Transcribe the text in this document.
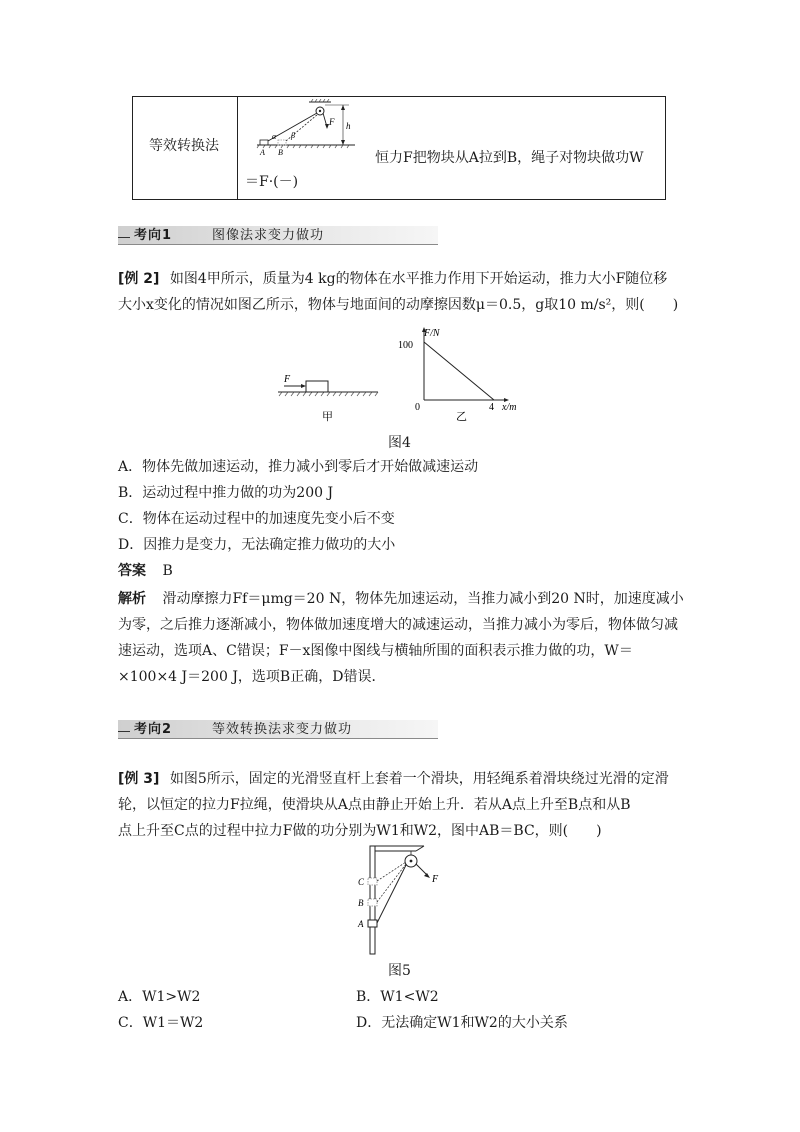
等效转换法
h
F
α β
A B	恒力F把物块从A拉到B，绳子对物块做功W
＝F·(－)
考向1	图像法求变力做功
[例 2] 如图4甲所示，质量为4 kg的物体在水平推力作用下开始运动，推力大小F随位移
大小x变化的情况如图乙所示，物体与地面间的动摩擦因数μ＝0.5，g取10 m/s²，则(　　)
F
甲
F/N
100
0	4 x/m
乙
图4
A．物体先做加速运动，推力减小到零后才开始做减速运动
B．运动过程中推力做的功为200 J
C．物体在运动过程中的加速度先变小后不变
D．因推力是变力，无法确定推力做功的大小
答案 B
解析 滑动摩擦力Ff＝μmg＝20 N，物体先加速运动，当推力减小到20 N时，加速度减小
为零，之后推力逐渐减小，物体做加速度增大的减速运动，当推力减小为零后，物体做匀减
速运动，选项A、C错误；F－x图像中图线与横轴所围的面积表示推力做的功，W＝
×100×4 J＝200 J，选项B正确，D错误．
考向2	等效转换法求变力做功
[例 3] 如图5所示，固定的光滑竖直杆上套着一个滑块，用轻绳系着滑块绕过光滑的定滑
轮，以恒定的拉力F拉绳，使滑块从A点由静止开始上升．若从A点上升至B点和从B
点上升至C点的过程中拉力F做的功分别为W1和W2，图中AB＝BC，则(　　)
F
C
B
A
图5
A．W1>W2	B．W1<W2
C．W1＝W2	D．无法确定W1和W2的大小关系
